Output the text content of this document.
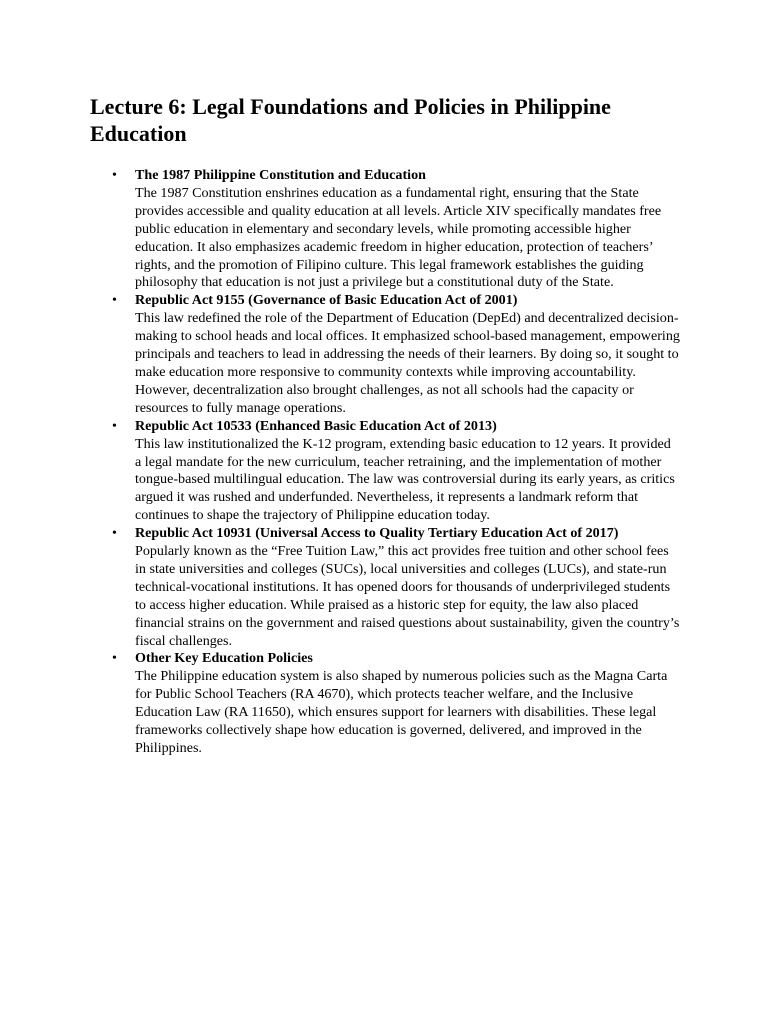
Lecture 6: Legal Foundations and Policies in Philippine Education
• The 1987 Philippine Constitution and Education
The 1987 Constitution enshrines education as a fundamental right, ensuring that the State provides accessible and quality education at all levels. Article XIV specifically mandates free public education in elementary and secondary levels, while promoting accessible higher education. It also emphasizes academic freedom in higher education, protection of teachers’ rights, and the promotion of Filipino culture. This legal framework establishes the guiding philosophy that education is not just a privilege but a constitutional duty of the State.
• Republic Act 9155 (Governance of Basic Education Act of 2001)
This law redefined the role of the Department of Education (DepEd) and decentralized decision-making to school heads and local offices. It emphasized school-based management, empowering principals and teachers to lead in addressing the needs of their learners. By doing so, it sought to make education more responsive to community contexts while improving accountability. However, decentralization also brought challenges, as not all schools had the capacity or resources to fully manage operations.
• Republic Act 10533 (Enhanced Basic Education Act of 2013)
This law institutionalized the K-12 program, extending basic education to 12 years. It provided a legal mandate for the new curriculum, teacher retraining, and the implementation of mother tongue-based multilingual education. The law was controversial during its early years, as critics argued it was rushed and underfunded. Nevertheless, it represents a landmark reform that continues to shape the trajectory of Philippine education today.
• Republic Act 10931 (Universal Access to Quality Tertiary Education Act of 2017)
Popularly known as the “Free Tuition Law,” this act provides free tuition and other school fees in state universities and colleges (SUCs), local universities and colleges (LUCs), and state-run technical-vocational institutions. It has opened doors for thousands of underprivileged students to access higher education. While praised as a historic step for equity, the law also placed financial strains on the government and raised questions about sustainability, given the country’s fiscal challenges.
• Other Key Education Policies
The Philippine education system is also shaped by numerous policies such as the Magna Carta for Public School Teachers (RA 4670), which protects teacher welfare, and the Inclusive Education Law (RA 11650), which ensures support for learners with disabilities. These legal frameworks collectively shape how education is governed, delivered, and improved in the Philippines.
